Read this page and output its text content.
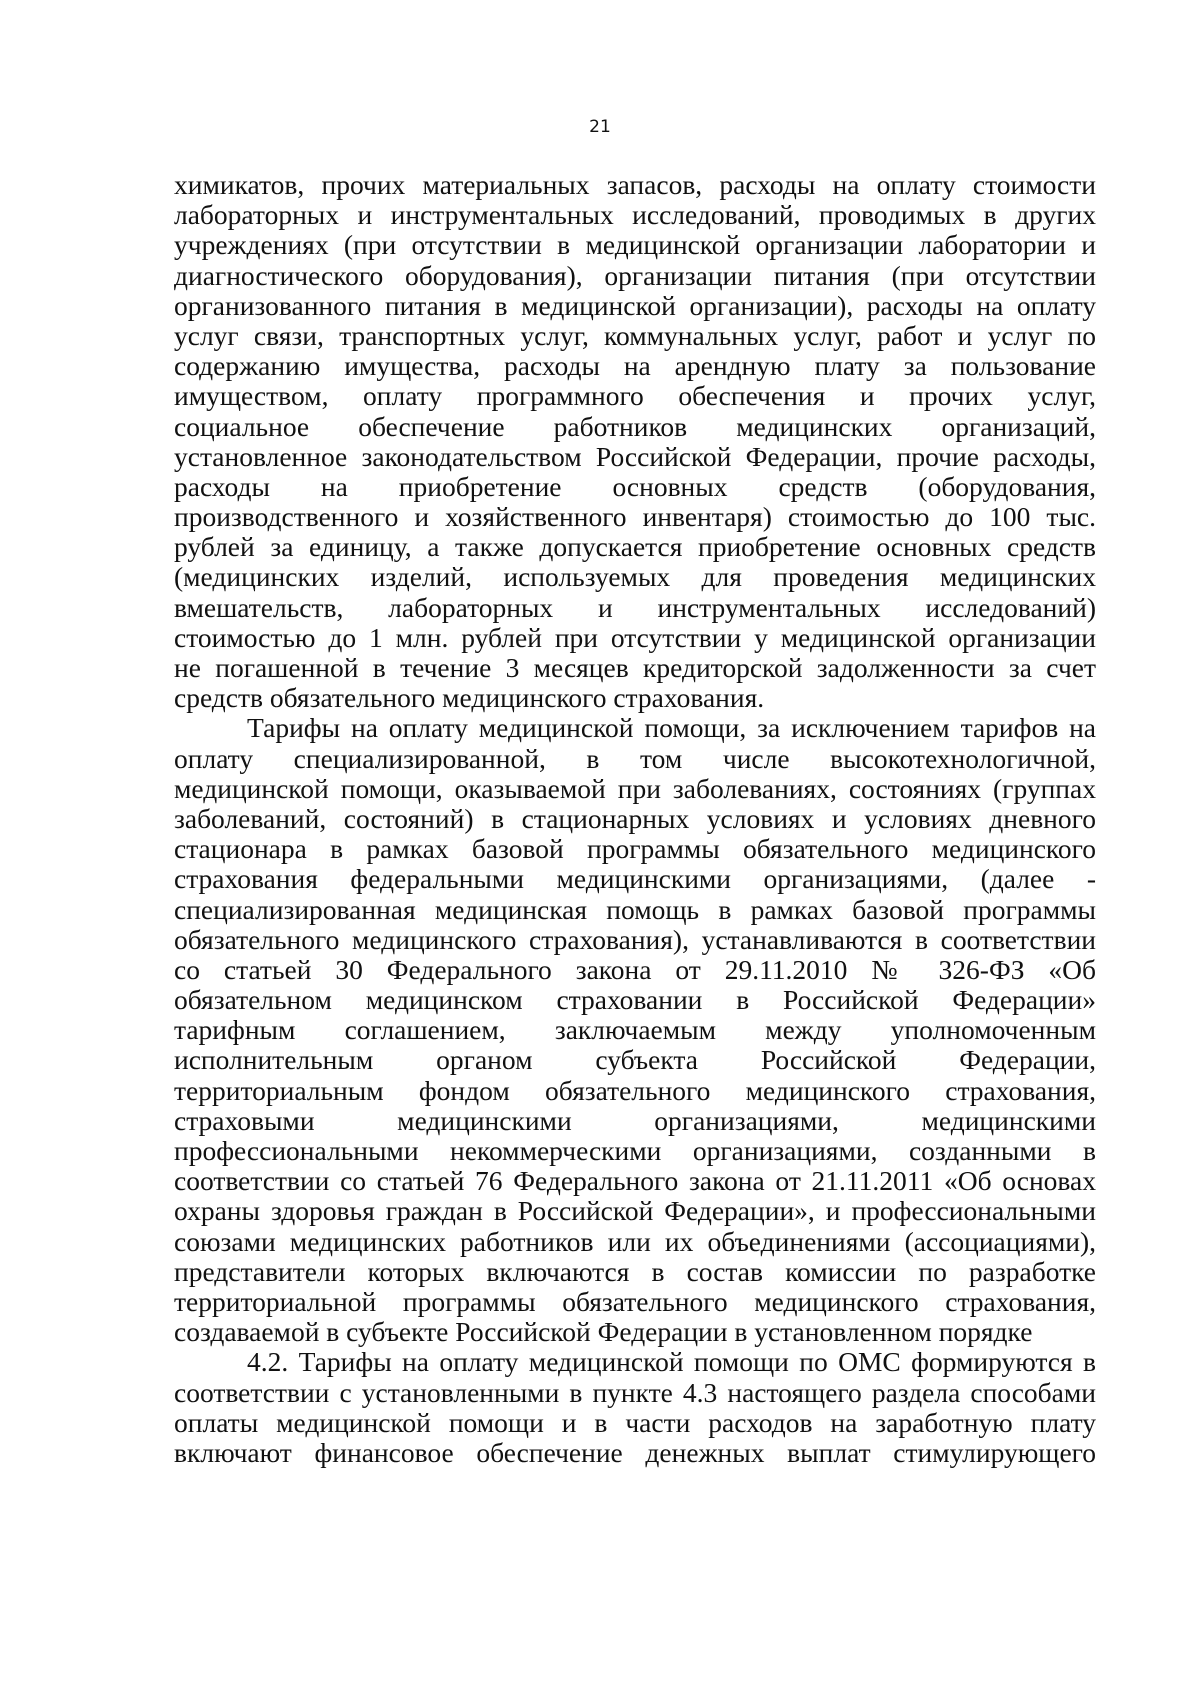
21
химикатов, прочих материальных запасов, расходы на оплату стоимости
лабораторных и инструментальных исследований, проводимых в других
учреждениях (при отсутствии в медицинской организации лаборатории и
диагностического оборудования), организации питания (при отсутствии
организованного питания в медицинской организации), расходы на оплату
услуг связи, транспортных услуг, коммунальных услуг, работ и услуг по
содержанию имущества, расходы на арендную плату за пользование
имуществом, оплату программного обеспечения и прочих услуг,
социальное обеспечение работников медицинских организаций,
установленное законодательством Российской Федерации, прочие расходы,
расходы на приобретение основных средств (оборудования,
производственного и хозяйственного инвентаря) стоимостью до 100 тыс.
рублей за единицу, а также допускается приобретение основных средств
(медицинских изделий, используемых для проведения медицинских
вмешательств, лабораторных и инструментальных исследований)
стоимостью до 1 млн. рублей при отсутствии у медицинской организации
не погашенной в течение 3 месяцев кредиторской задолженности за счет
средств обязательного медицинского страхования.
Тарифы на оплату медицинской помощи, за исключением тарифов на
оплату специализированной, в том числе высокотехнологичной,
медицинской помощи, оказываемой при заболеваниях, состояниях (группах
заболеваний, состояний) в стационарных условиях и условиях дневного
стационара в рамках базовой программы обязательного медицинского
страхования федеральными медицинскими организациями, (далее -
специализированная медицинская помощь в рамках базовой программы
обязательного медицинского страхования), устанавливаются в соответствии
со статьей 30 Федерального закона от 29.11.2010 № 326-ФЗ «Об
обязательном медицинском страховании в Российской Федерации»
тарифным соглашением, заключаемым между уполномоченным
исполнительным органом субъекта Российской Федерации,
территориальным фондом обязательного медицинского страхования,
страховыми медицинскими организациями, медицинскими
профессиональными некоммерческими организациями, созданными в
соответствии со статьей 76 Федерального закона от 21.11.2011 «Об основах
охраны здоровья граждан в Российской Федерации», и профессиональными
союзами медицинских работников или их объединениями (ассоциациями),
представители которых включаются в состав комиссии по разработке
территориальной программы обязательного медицинского страхования,
создаваемой в субъекте Российской Федерации в установленном порядке
4.2. Тарифы на оплату медицинской помощи по ОМС формируются в
соответствии с установленными в пункте 4.3 настоящего раздела способами
оплаты медицинской помощи и в части расходов на заработную плату
включают финансовое обеспечение денежных выплат стимулирующего
